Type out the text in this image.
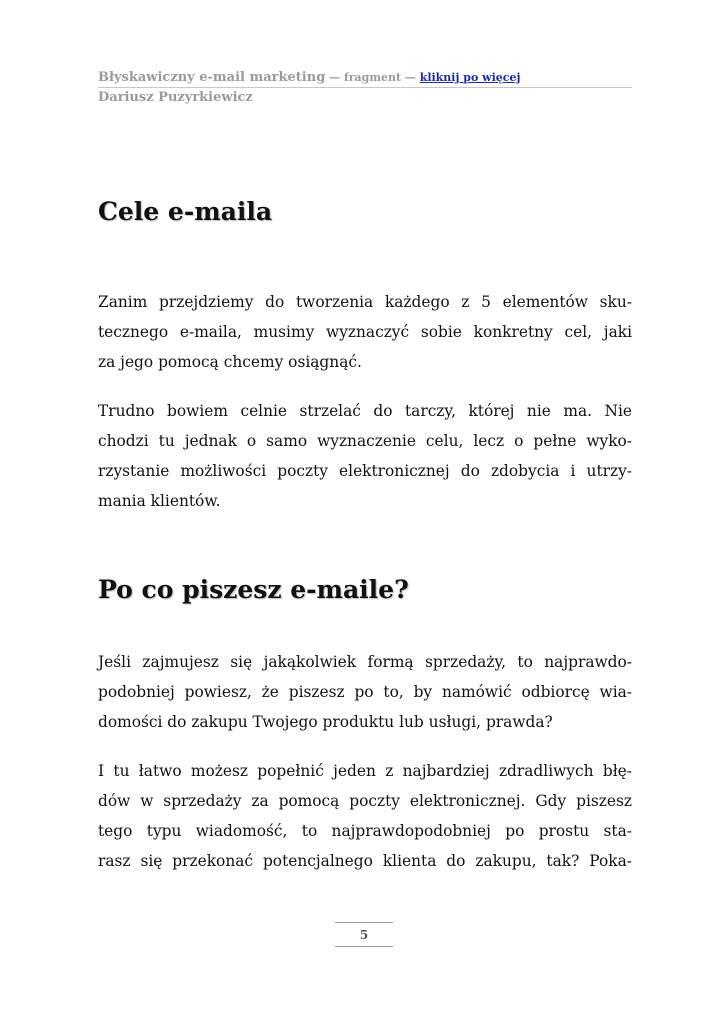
Błyskawiczny e-mail marketing — fragment — kliknij po więcej
Dariusz Puzyrkiewicz
Cele e-maila

Zanim przejdziemy do tworzenia każdego z 5 elementów sku-
tecznego e-maila, musimy wyznaczyć sobie konkretny cel, jaki
za jego pomocą chcemy osiągnąć.

Trudno bowiem celnie strzelać do tarczy, której nie ma. Nie
chodzi tu jednak o samo wyznaczenie celu, lecz o pełne wyko-
rzystanie możliwości poczty elektronicznej do zdobycia i utrzy-
mania klientów.

Po co piszesz e-maile?

Jeśli zajmujesz się jakąkolwiek formą sprzedaży, to najprawdo-
podobniej powiesz, że piszesz po to, by namówić odbiorcę wia-
domości do zakupu Twojego produktu lub usługi, prawda?

I tu łatwo możesz popełnić jeden z najbardziej zdradliwych błę-
dów w sprzedaży za pomocą poczty elektronicznej. Gdy piszesz
tego typu wiadomość, to najprawdopodobniej po prostu sta-
rasz się przekonać potencjalnego klienta do zakupu, tak? Poka-

5
